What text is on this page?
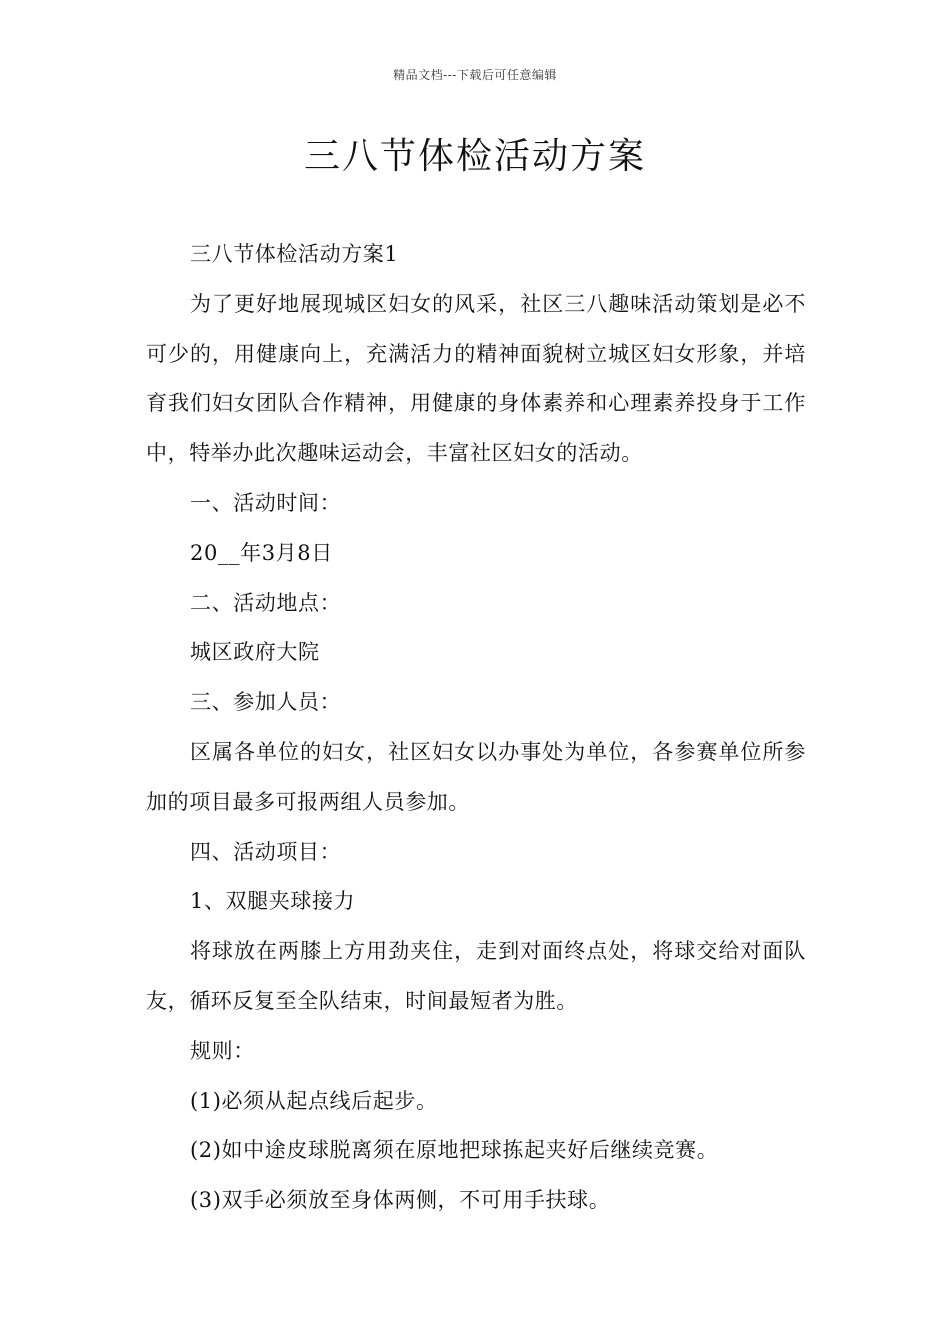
精品文档---下载后可任意编辑
三八节体检活动方案

三八节体检活动方案1

为了更好地展现城区妇女的风采，社区三八趣味活动策划是必不可少的，用健康向上，充满活力的精神面貌树立城区妇女形象，并培育我们妇女团队合作精神，用健康的身体素养和心理素养投身于工作中，特举办此次趣味运动会，丰富社区妇女的活动。

一、活动时间：

20__年3月8日

二、活动地点：

城区政府大院

三、参加人员：

区属各单位的妇女，社区妇女以办事处为单位，各参赛单位所参加的项目最多可报两组人员参加。

四、活动项目：

1、双腿夹球接力

将球放在两膝上方用劲夹住，走到对面终点处，将球交给对面队友，循环反复至全队结束，时间最短者为胜。

规则：

(1)必须从起点线后起步。

(2)如中途皮球脱离须在原地把球拣起夹好后继续竞赛。

(3)双手必须放至身体两侧，不可用手扶球。
